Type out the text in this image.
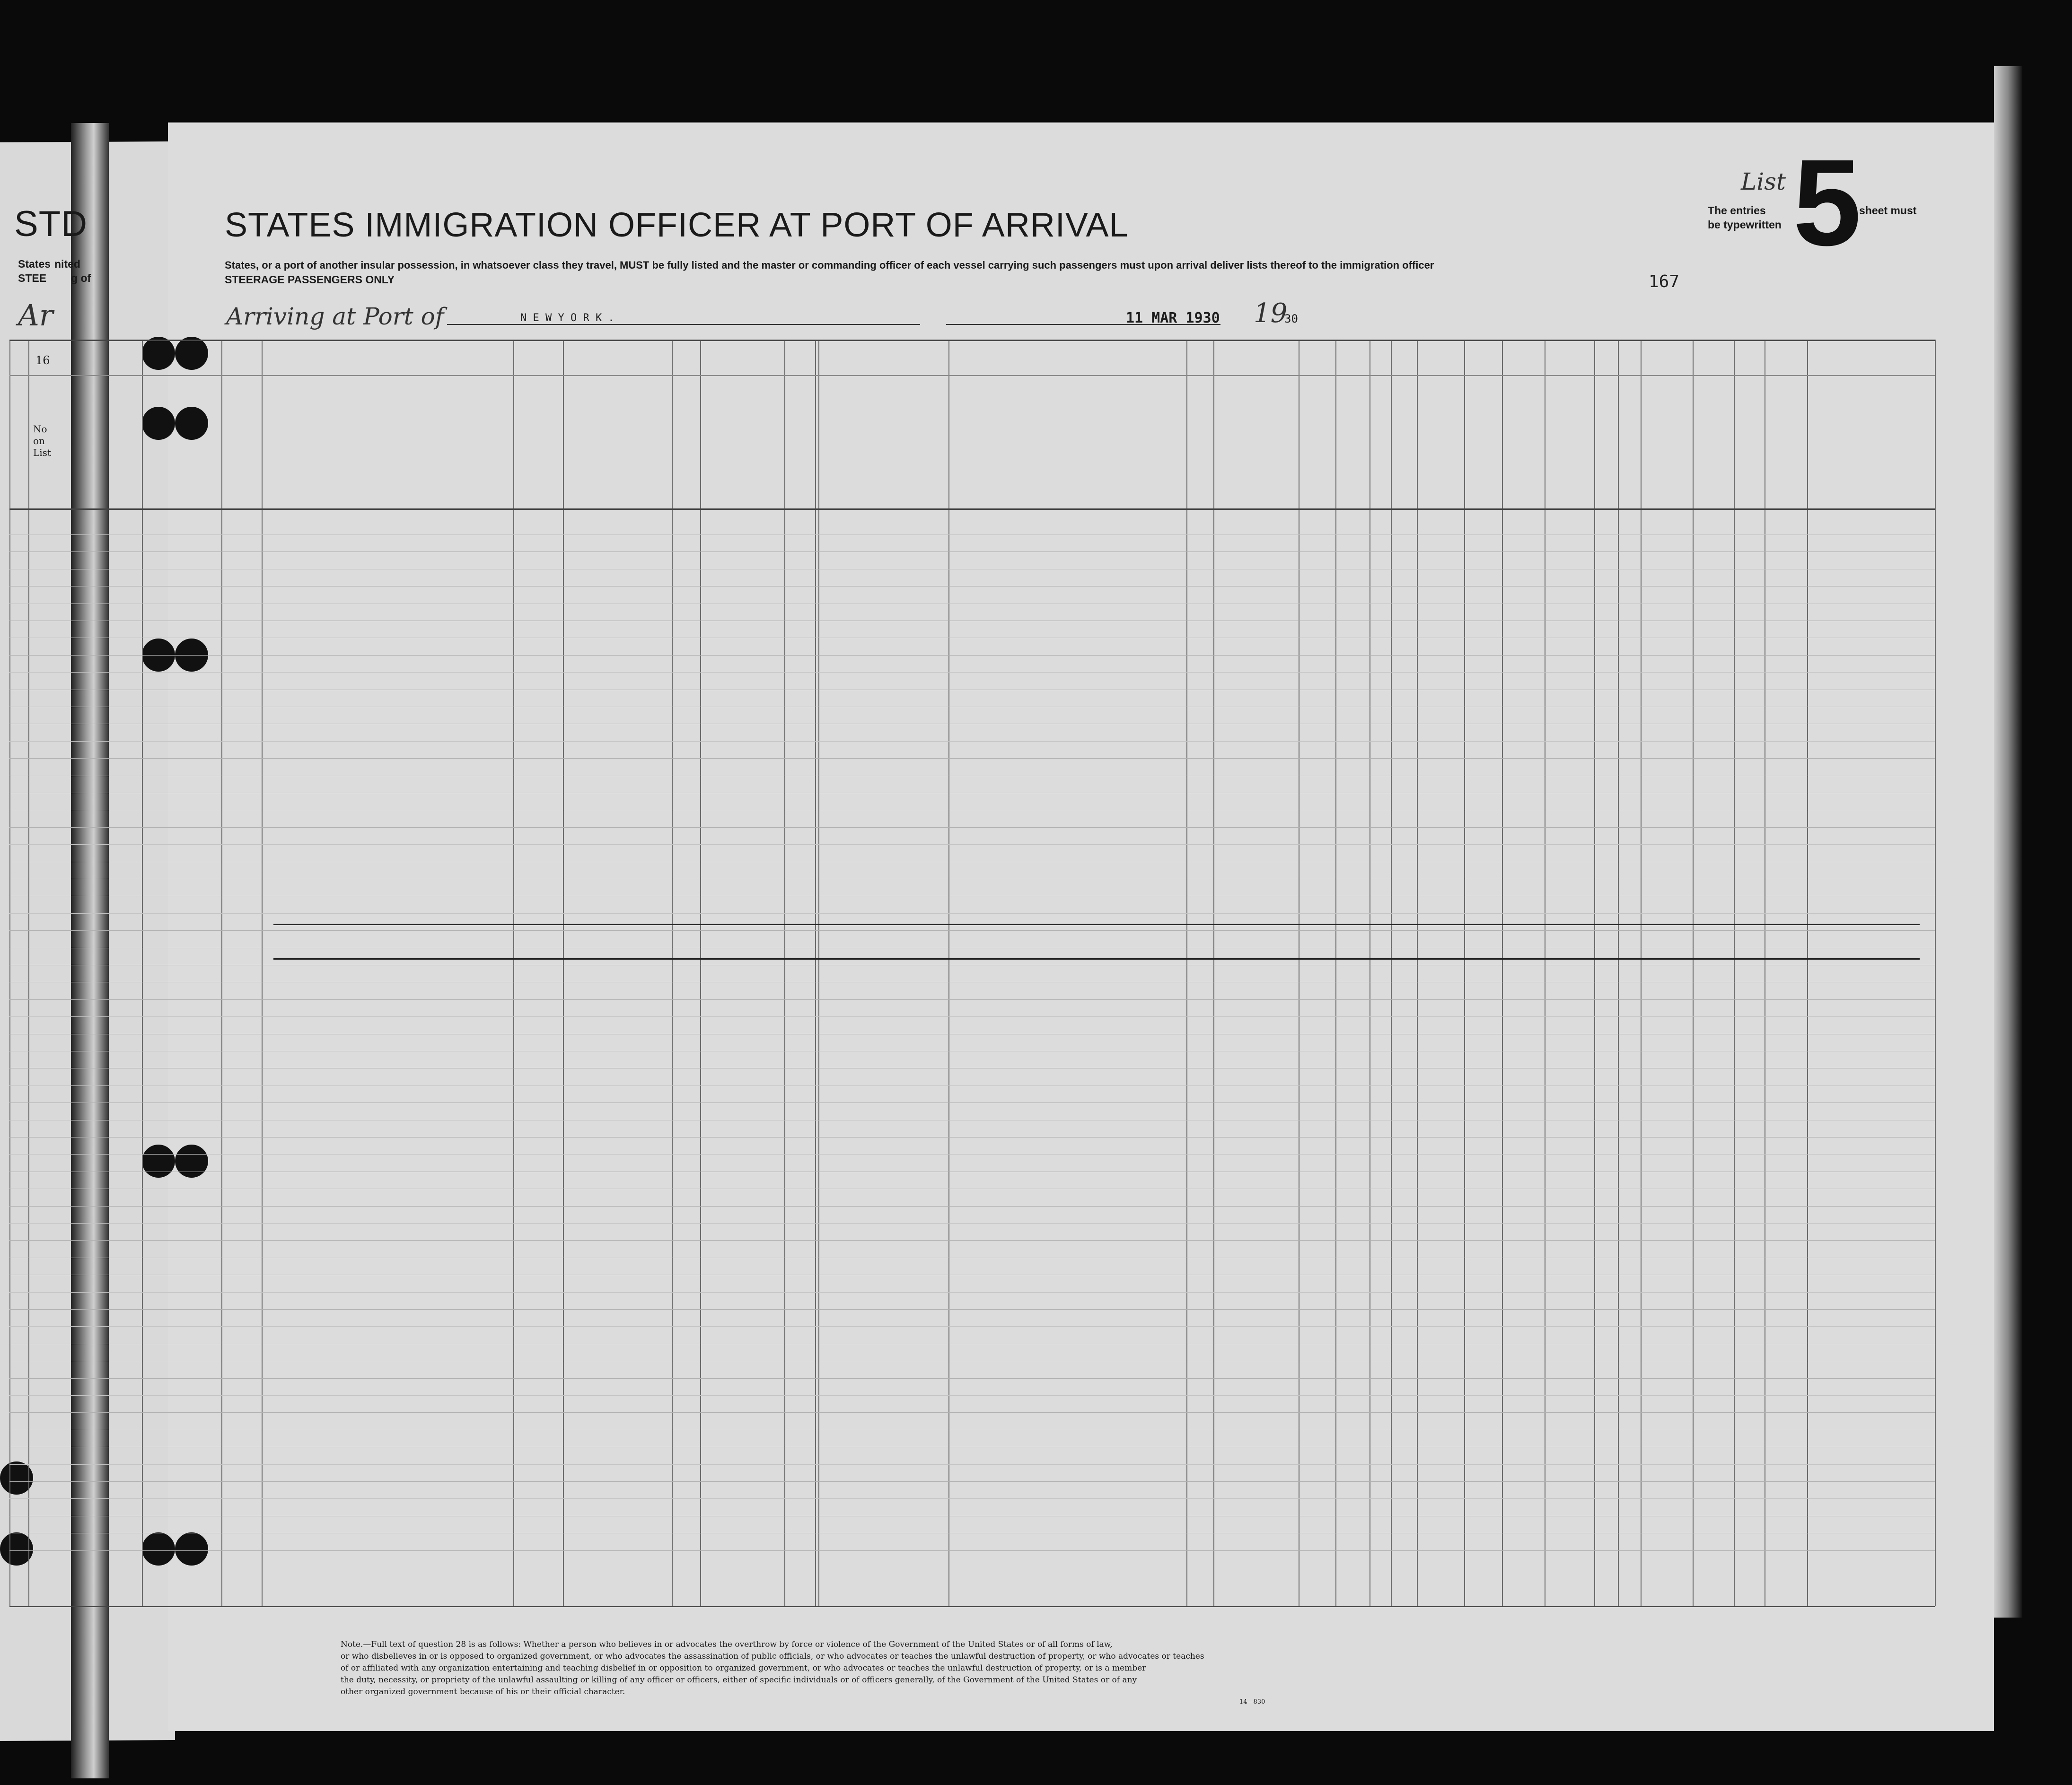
STD
States nited
STEE g of
Ar
16
No
on
List
STATES IMMIGRATION OFFICER AT PORT OF ARRIVAL
States, or a port of another insular possession, in whatsoever class they travel, MUST be fully listed and the master or commanding officer of each vessel carrying such passengers must upon arrival deliver lists thereof to the immigration officer
STEERAGE PASSENGERS ONLY
Arriving at Port of	N E W Y O R K .	11 MAR 1930 19
30
List 5
The entries	sheet must
be typewritten
167
Note.—Full text of question 28 is as follows: Whether a person who believes in or advocates the overthrow by force or violence of the Government of the United States or of all forms of law,
or who disbelieves in or is opposed to organized government, or who advocates the assassination of public officials, or who advocates or teaches the unlawful destruction of property, or who advocates or teaches
of or affiliated with any organization entertaining and teaching disbelief in or opposition to organized government, or who advocates or teaches the unlawful destruction of property, or is a member
the duty, necessity, or propriety of the unlawful assaulting or killing of any officer or officers, either of specific individuals or of officers generally, of the Government of the United States or of any
other organized government because of his or their official character.
14—830
